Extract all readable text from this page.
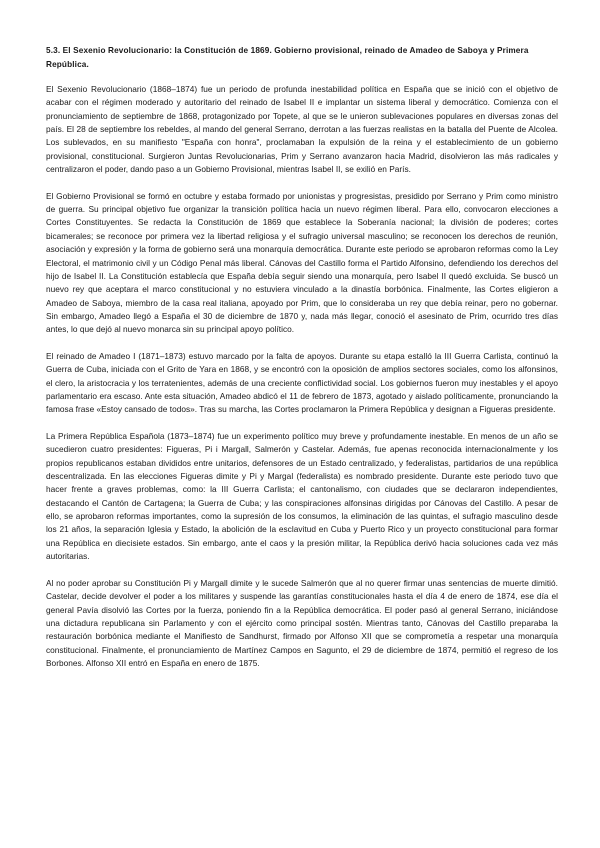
5.3. El Sexenio Revolucionario: la Constitución de 1869. Gobierno provisional, reinado de Amadeo de Saboya y Primera República.

El Sexenio Revolucionario (1868–1874) fue un periodo de profunda inestabilidad política en España que se inició con el objetivo de acabar con el régimen moderado y autoritario del reinado de Isabel II e implantar un sistema liberal y democrático. Comienza con el pronunciamiento de septiembre de 1868, protagonizado por Topete, al que se le unieron sublevaciones populares en diversas zonas del país. El 28 de septiembre los rebeldes, al mando del general Serrano, derrotan a las fuerzas realistas en la batalla del Puente de Alcolea. Los sublevados, en su manifiesto "España con honra", proclamaban la expulsión de la reina y el establecimiento de un gobierno provisional, constitucional. Surgieron Juntas Revolucionarias, Prim y Serrano avanzaron hacia Madrid, disolvieron las más radicales y centralizaron el poder, dando paso a un Gobierno Provisional, mientras Isabel II, se exilió en París.

El Gobierno Provisional se formó en octubre y estaba formado por unionistas y progresistas, presidido por Serrano y Prim como ministro de guerra. Su principal objetivo fue organizar la transición política hacia un nuevo régimen liberal. Para ello, convocaron elecciones a Cortes Constituyentes. Se redacta la Constitución de 1869 que establece la Soberanía nacional; la división de poderes; cortes bicamerales; se reconoce por primera vez la libertad religiosa y el sufragio universal masculino; se reconocen los derechos de reunión, asociación y expresión y la forma de gobierno será una monarquía democrática. Durante este periodo se aprobaron reformas como la Ley Electoral, el matrimonio civil y un Código Penal más liberal. Cánovas del Castillo forma el Partido Alfonsino, defendiendo los derechos del hijo de Isabel II. La Constitución establecía que España debía seguir siendo una monarquía, pero Isabel II quedó excluida. Se buscó un nuevo rey que aceptara el marco constitucional y no estuviera vinculado a la dinastía borbónica. Finalmente, las Cortes eligieron a Amadeo de Saboya, miembro de la casa real italiana, apoyado por Prim, que lo consideraba un rey que debía reinar, pero no gobernar. Sin embargo, Amadeo llegó a España el 30 de diciembre de 1870 y, nada más llegar, conoció el asesinato de Prim, ocurrido tres días antes, lo que dejó al nuevo monarca sin su principal apoyo político.

El reinado de Amadeo I (1871–1873) estuvo marcado por la falta de apoyos. Durante su etapa estalló la III Guerra Carlista, continuó la Guerra de Cuba, iniciada con el Grito de Yara en 1868, y se encontró con la oposición de amplios sectores sociales, como los alfonsinos, el clero, la aristocracia y los terratenientes, además de una creciente conflictividad social. Los gobiernos fueron muy inestables y el apoyo parlamentario era escaso. Ante esta situación, Amadeo abdicó el 11 de febrero de 1873, agotado y aislado políticamente, pronunciando la famosa frase «Estoy cansado de todos». Tras su marcha, las Cortes proclamaron la Primera República y designan a Figueras presidente.

La Primera República Española (1873–1874) fue un experimento político muy breve y profundamente inestable. En menos de un año se sucedieron cuatro presidentes: Figueras, Pi i Margall, Salmerón y Castelar. Además, fue apenas reconocida internacionalmente y los propios republicanos estaban divididos entre unitarios, defensores de un Estado centralizado, y federalistas, partidarios de una república descentralizada. En las elecciones Figueras dimite y Pi y Margal (federalista) es nombrado presidente. Durante este periodo tuvo que hacer frente a graves problemas, como: la III Guerra Carlista; el cantonalismo, con ciudades que se declararon independientes, destacando el Cantón de Cartagena; la Guerra de Cuba; y las conspiraciones alfonsinas dirigidas por Cánovas del Castillo. A pesar de ello, se aprobaron reformas importantes, como la supresión de los consumos, la eliminación de las quintas, el sufragio masculino desde los 21 años, la separación Iglesia y Estado, la abolición de la esclavitud en Cuba y Puerto Rico y un proyecto constitucional para formar una República en diecisiete estados. Sin embargo, ante el caos y la presión militar, la República derivó hacia soluciones cada vez más autoritarias.

Al no poder aprobar su Constitución Pi y Margall dimite y le sucede Salmerón que al no querer firmar unas sentencias de muerte dimitió. Castelar, decide devolver el poder a los militares y suspende las garantías constitucionales hasta el día 4 de enero de 1874, ese día el general Pavía disolvió las Cortes por la fuerza, poniendo fin a la República democrática. El poder pasó al general Serrano, iniciándose una dictadura republicana sin Parlamento y con el ejército como principal sostén. Mientras tanto, Cánovas del Castillo preparaba la restauración borbónica mediante el Manifiesto de Sandhurst, firmado por Alfonso XII que se comprometía a respetar una monarquía constitucional. Finalmente, el pronunciamiento de Martínez Campos en Sagunto, el 29 de diciembre de 1874, permitió el regreso de los Borbones. Alfonso XII entró en España en enero de 1875.
